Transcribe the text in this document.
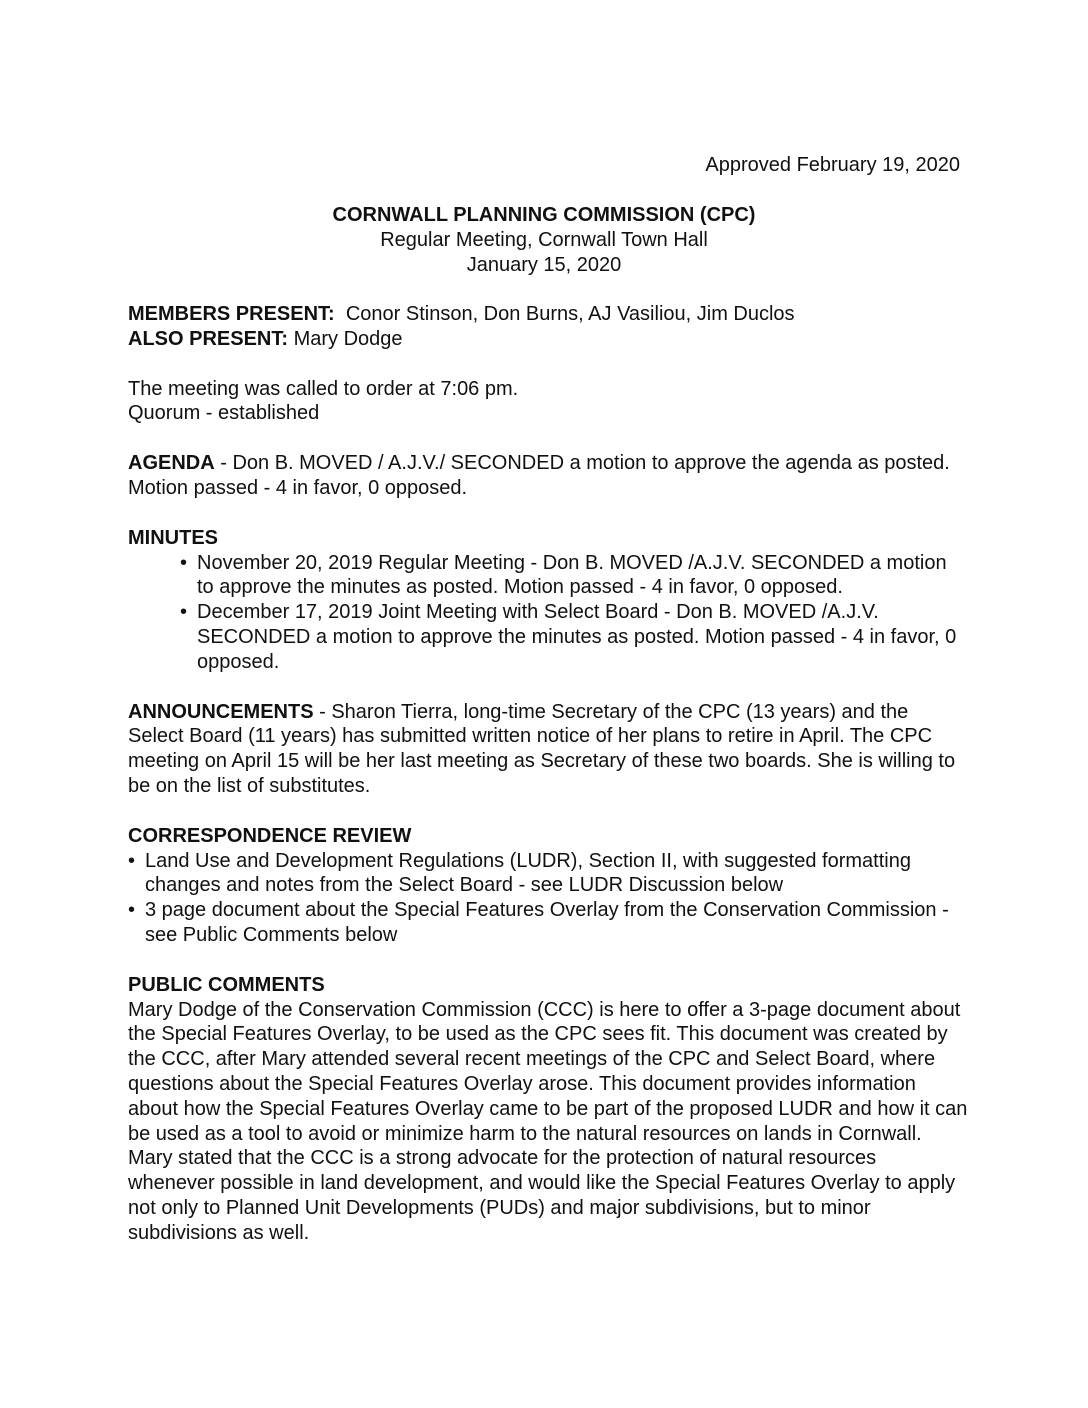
Approved February 19, 2020
CORNWALL PLANNING COMMISSION (CPC)
Regular Meeting, Cornwall Town Hall
January 15, 2020

MEMBERS PRESENT: Conor Stinson, Don Burns, AJ Vasiliou, Jim Duclos

ALSO PRESENT: Mary Dodge

The meeting was called to order at 7:06 pm.

Quorum - established

AGENDA - Don B. MOVED / A.J.V./ SECONDED a motion to approve the agenda as posted. Motion passed - 4 in favor, 0 opposed.

MINUTES

• November 20, 2019 Regular Meeting - Don B. MOVED /A.J.V. SECONDED a motion to approve the minutes as posted. Motion passed - 4 in favor, 0 opposed.
• December 17, 2019 Joint Meeting with Select Board - Don B. MOVED /A.J.V. SECONDED a motion to approve the minutes as posted. Motion passed - 4 in favor, 0 opposed.

ANNOUNCEMENTS - Sharon Tierra, long-time Secretary of the CPC (13 years) and the Select Board (11 years) has submitted written notice of her plans to retire in April. The CPC meeting on April 15 will be her last meeting as Secretary of these two boards. She is willing to be on the list of substitutes.

CORRESPONDENCE REVIEW

• Land Use and Development Regulations (LUDR), Section II, with suggested formatting changes and notes from the Select Board - see LUDR Discussion below
• 3 page document about the Special Features Overlay from the Conservation Commission - see Public Comments below

PUBLIC COMMENTS

Mary Dodge of the Conservation Commission (CCC) is here to offer a 3-page document about the Special Features Overlay, to be used as the CPC sees fit. This document was created by the CCC, after Mary attended several recent meetings of the CPC and Select Board, where questions about the Special Features Overlay arose. This document provides information about how the Special Features Overlay came to be part of the proposed LUDR and how it can be used as a tool to avoid or minimize harm to the natural resources on lands in Cornwall. Mary stated that the CCC is a strong advocate for the protection of natural resources whenever possible in land development, and would like the Special Features Overlay to apply not only to Planned Unit Developments (PUDs) and major subdivisions, but to minor subdivisions as well.
